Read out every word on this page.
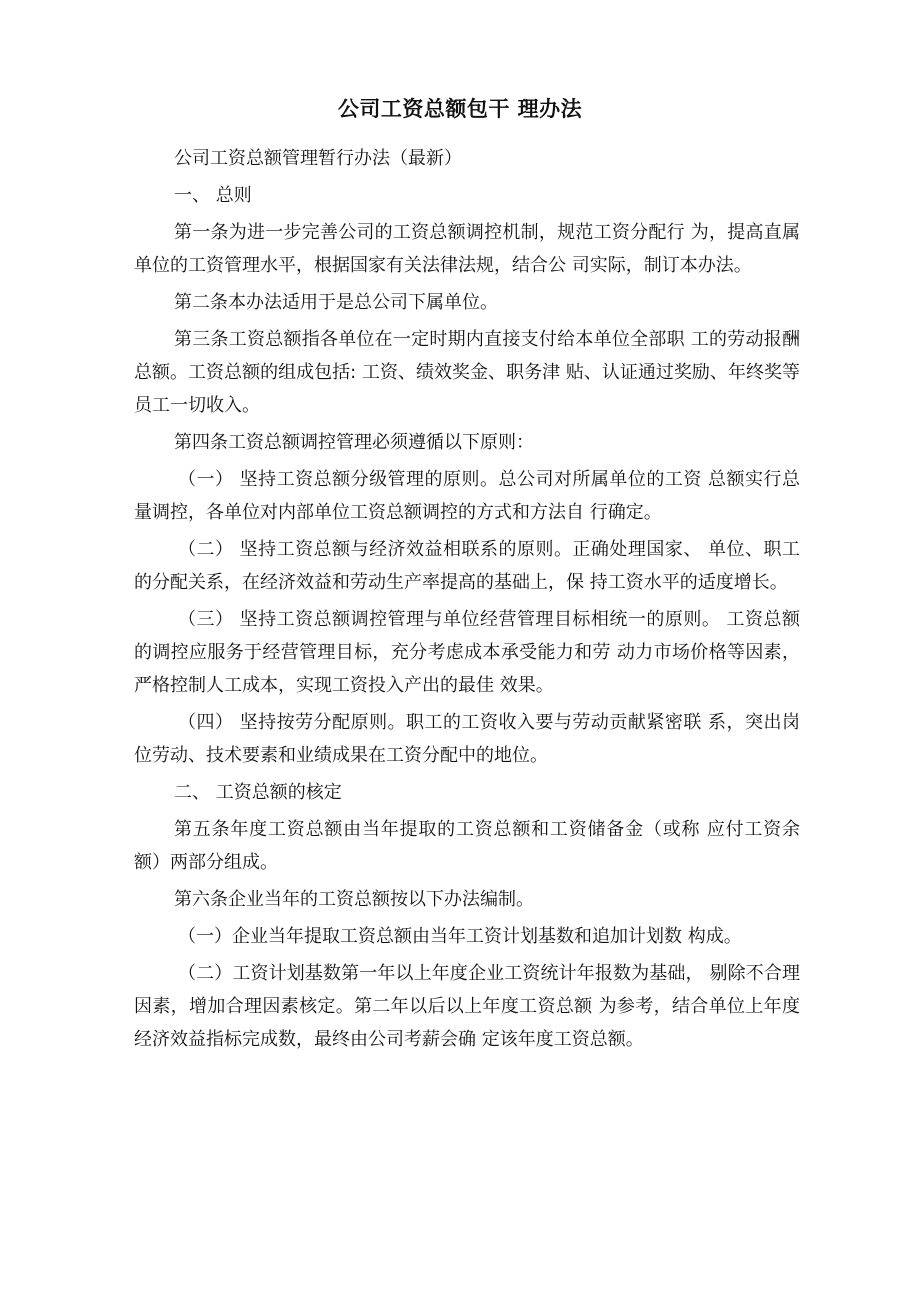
公司工资总额包干 理办法

公司工资总额管理暂行办法（最新）

一、 总则

第一条为进一步完善公司的工资总额调控机制，规范工资分配行 为，提高直属单位的工资管理水平，根据国家有关法律法规，结合公 司实际，制订本办法。

第二条本办法适用于是总公司下属单位。

第三条工资总额指各单位在一定时期内直接支付给本单位全部职 工的劳动报酬总额。工资总额的组成包括: 工资、绩效奖金、职务津 贴、认证通过奖励、年终奖等员工一切收入。

第四条工资总额调控管理必须遵循以下原则：

（一） 坚持工资总额分级管理的原则。总公司对所属单位的工资 总额实行总量调控，各单位对内部单位工资总额调控的方式和方法自 行确定。

（二） 坚持工资总额与经济效益相联系的原则。正确处理国家、 单位、职工的分配关系，在经济效益和劳动生产率提高的基础上，保 持工资水平的适度增长。

（三） 坚持工资总额调控管理与单位经营管理目标相统一的原则。 工资总额的调控应服务于经营管理目标，充分考虑成本承受能力和劳 动力市场价格等因素，严格控制人工成本，实现工资投入产出的最佳 效果。

（四） 坚持按劳分配原则。职工的工资收入要与劳动贡献紧密联 系，突出岗位劳动、技术要素和业绩成果在工资分配中的地位。

二、 工资总额的核定

第五条年度工资总额由当年提取的工资总额和工资储备金（或称 应付工资余额）两部分组成。

第六条企业当年的工资总额按以下办法编制。

（一）企业当年提取工资总额由当年工资计划基数和追加计划数 构成。

（二）工资计划基数第一年以上年度企业工资统计年报数为基础， 剔除不合理因素，增加合理因素核定。第二年以后以上年度工资总额 为参考，结合单位上年度经济效益指标完成数，最终由公司考薪会确 定该年度工资总额。
